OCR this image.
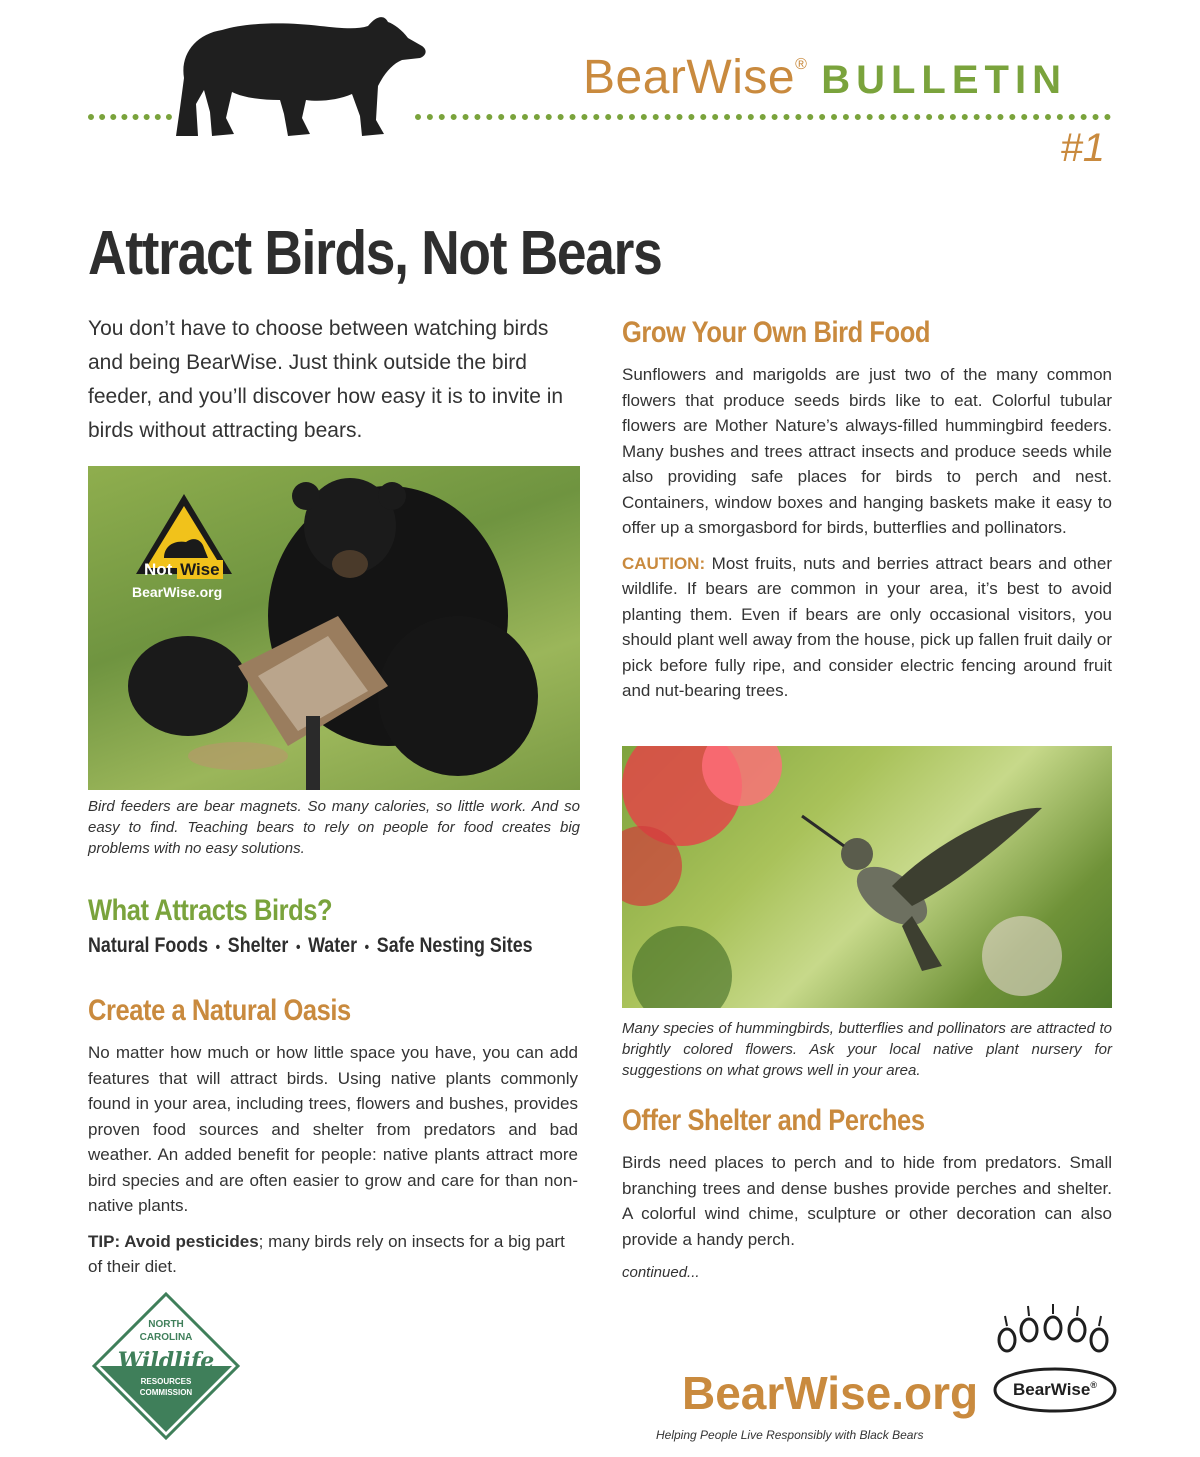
BearWise® BULLETIN
#1
Attract Birds, Not Bears
You don’t have to choose between watching birds and being BearWise. Just think outside the bird feeder, and you’ll discover how easy it is to invite in birds without attracting bears.
Not Wise
BearWise.org
Bird feeders are bear magnets. So many calories, so little work. And so easy to find. Teaching bears to rely on people for food creates big problems with no easy solutions.
What Attracts Birds?
Natural Foods • Shelter • Water • Safe Nesting Sites
Create a Natural Oasis

No matter how much or how little space you have, you can add features that will attract birds. Using native plants commonly found in your area, including trees, flowers and bushes, provides proven food sources and shelter from predators and bad weather. An added benefit for people: native plants attract more bird species and are often easier to grow and care for than non-native plants.

TIP: Avoid pesticides; many birds rely on insects for a big part of their diet.

Grow Your Own Bird Food

Sunflowers and marigolds are just two of the many common flowers that produce seeds birds like to eat. Colorful tubular flowers are Mother Nature’s always-filled hummingbird feeders. Many bushes and trees attract insects and produce seeds while also providing safe places for birds to perch and nest. Containers, window boxes and hanging baskets make it easy to offer up a smorgasbord for birds, butterflies and pollinators.

CAUTION: Most fruits, nuts and berries attract bears and other wildlife. If bears are common in your area, it’s best to avoid planting them. Even if bears are only occasional visitors, you should plant well away from the house, pick up fallen fruit daily or pick before fully ripe, and consider electric fencing around fruit and nut-bearing trees.

Many species of hummingbirds, butterflies and pollinators are attracted to brightly colored flowers. Ask your local native plant nursery for suggestions on what grows well in your area.
Offer Shelter and Perches
Birds need places to perch and to hide from predators. Small branching trees and dense bushes provide perches and shelter. A colorful wind chime, sculpture or other decoration can also provide a handy perch.
continued...
NORTH
CAROLINA
Wildlife
RESOURCES
COMMISSION	BearWise.org
Helping People Live Responsibly with Black Bears
BearWise®
